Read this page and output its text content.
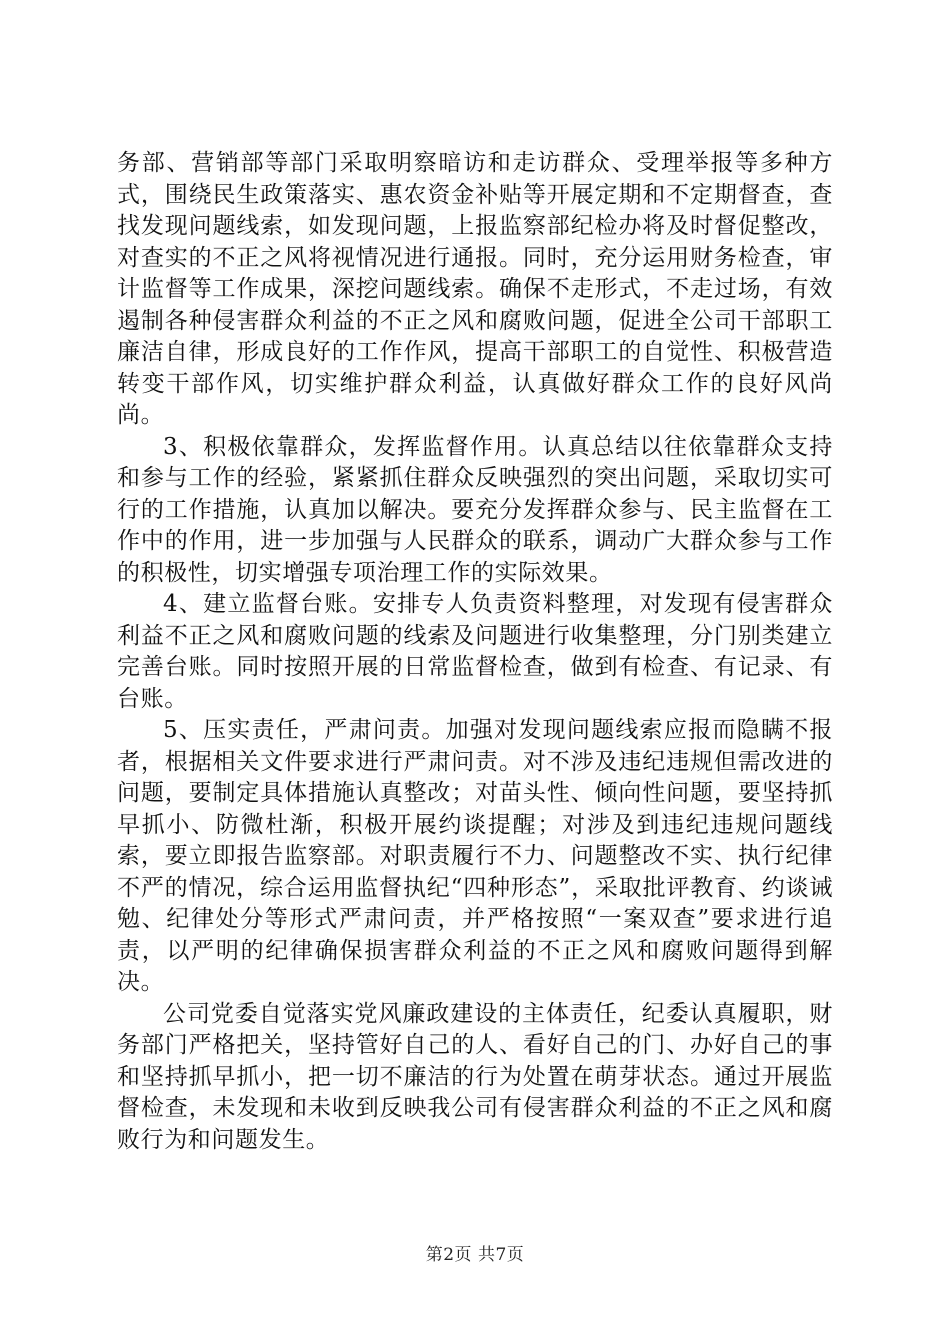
务部、营销部等部门采取明察暗访和走访群众、受理举报等多种方式，围绕民生政策落实、惠农资金补贴等开展定期和不定期督查，查找发现问题线索，如发现问题，上报监察部纪检办将及时督促整改，对查实的不正之风将视情况进行通报。同时，充分运用财务检查，审计监督等工作成果，深挖问题线索。确保不走形式，不走过场，有效遏制各种侵害群众利益的不正之风和腐败问题，促进全公司干部职工廉洁自律，形成良好的工作作风，提高干部职工的自觉性、积极营造转变干部作风，切实维护群众利益，认真做好群众工作的良好风尚尚。

3、积极依靠群众，发挥监督作用。认真总结以往依靠群众支持和参与工作的经验，紧紧抓住群众反映强烈的突出问题，采取切实可行的工作措施，认真加以解决。要充分发挥群众参与、民主监督在工作中的作用，进一步加强与人民群众的联系，调动广大群众参与工作的积极性，切实增强专项治理工作的实际效果。

4、建立监督台账。安排专人负责资料整理，对发现有侵害群众利益不正之风和腐败问题的线索及问题进行收集整理，分门别类建立完善台账。同时按照开展的日常监督检查，做到有检查、有记录、有台账。

5、压实责任，严肃问责。加强对发现问题线索应报而隐瞒不报者，根据相关文件要求进行严肃问责。对不涉及违纪违规但需改进的问题，要制定具体措施认真整改；对苗头性、倾向性问题，要坚持抓早抓小、防微杜渐，积极开展约谈提醒；对涉及到违纪违规问题线索，要立即报告监察部。对职责履行不力、问题整改不实、执行纪律不严的情况，综合运用监督执纪“四种形态”，采取批评教育、约谈诫勉、纪律处分等形式严肃问责，并严格按照“一案双查”要求进行追责，以严明的纪律确保损害群众利益的不正之风和腐败问题得到解决。

公司党委自觉落实党风廉政建设的主体责任，纪委认真履职，财务部门严格把关，坚持管好自己的人、看好自己的门、办好自己的事和坚持抓早抓小，把一切不廉洁的行为处置在萌芽状态。通过开展监督检查，未发现和未收到反映我公司有侵害群众利益的不正之风和腐败行为和问题发生。

第2页 共7页
